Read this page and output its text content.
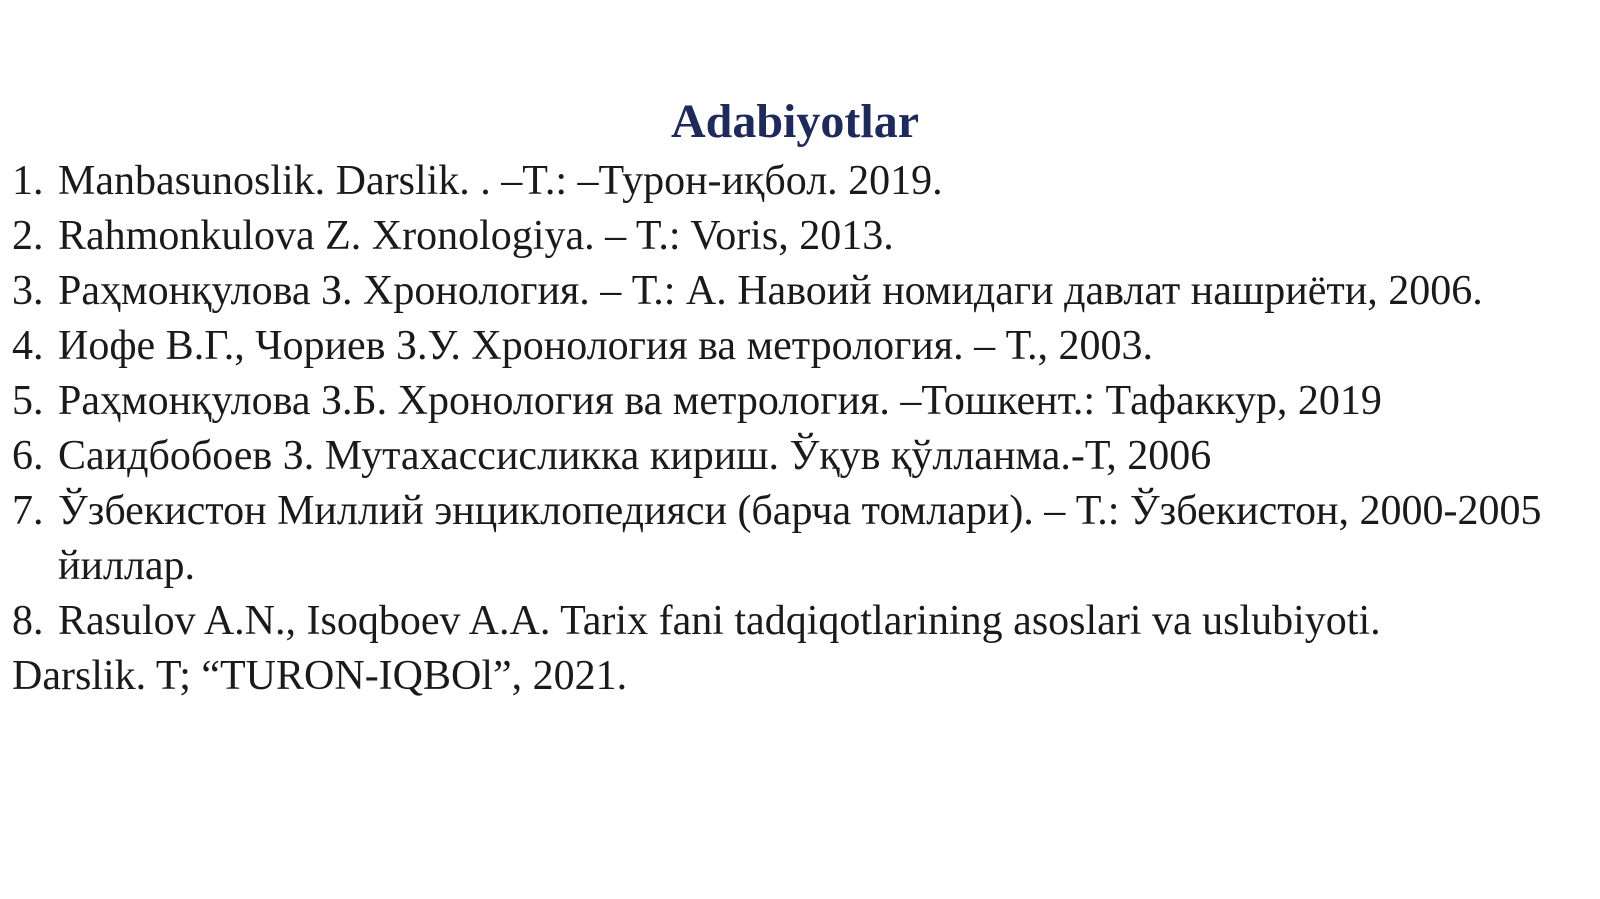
Adabiyotlar
1. Manbasunoslik. Darslik. . –T.: –Турон-иқбол. 2019.
2. Rahmonkulova Z. Xronologiya. – T.: Voris, 2013.
3. Раҳмонқулова З. Хронология. – Т.: А. Навоий номидаги давлат нашриёти, 2006.
4. Иофе В.Г., Чориев З.У. Хронология ва метрология. – Т., 2003.
5. Раҳмонқулова З.Б. Хронология ва метрология. –Тошкент.: Тафаккур, 2019
6. Саидбобоев З. Мутахассисликка кириш. Ўқув қўлланма.-Т, 2006
7. Ўзбекистон Миллий энциклопедияси (барча томлари). – Т.: Ўзбекистон, 2000-2005 йиллар.
8. Rasulov A.N., Isoqboev A.A. Tarix fani tadqiqotlarining asoslari va uslubiyoti.
Darslik. T; “TURON-IQBOl”, 2021.
